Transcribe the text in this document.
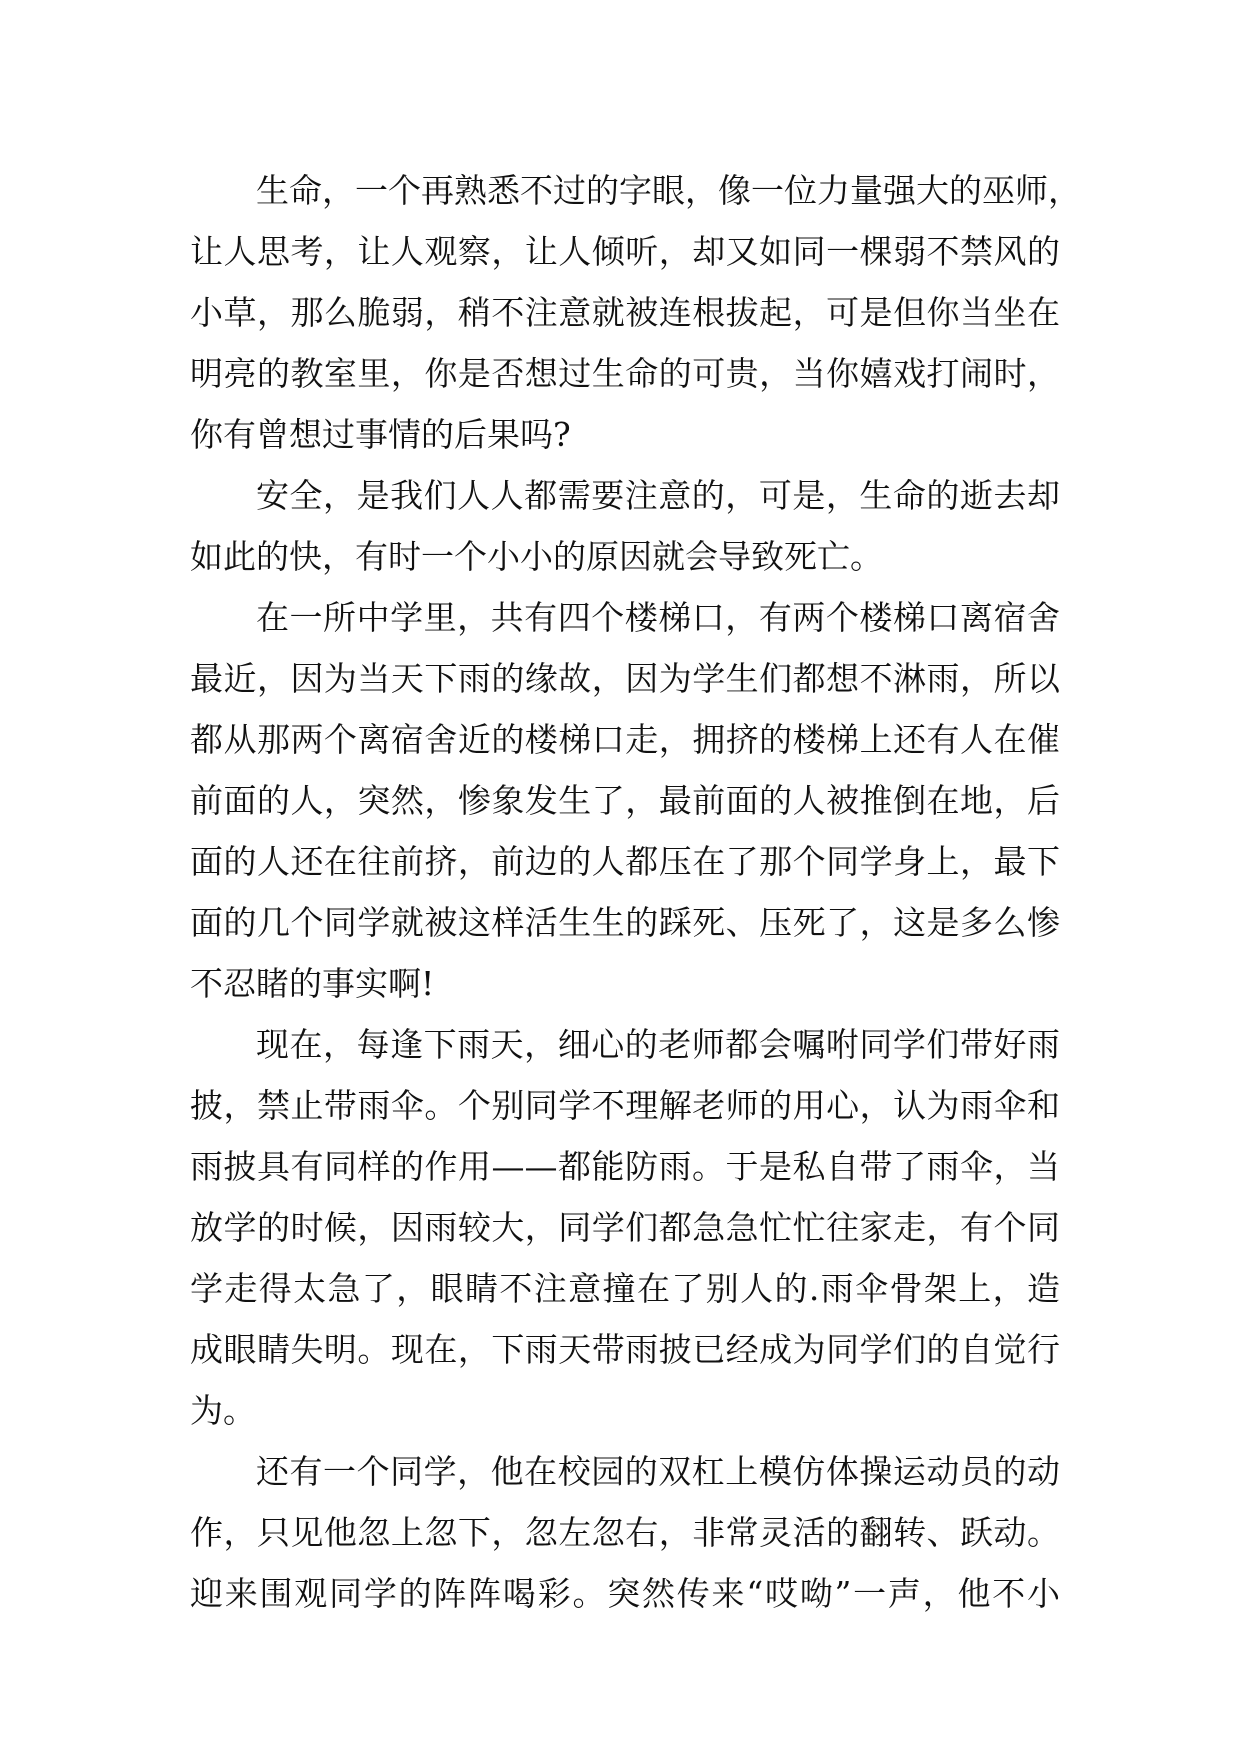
生命，一个再熟悉不过的字眼，像一位力量强大的巫师，
让人思考，让人观察，让人倾听，却又如同一棵弱不禁风的
小草，那么脆弱，稍不注意就被连根拔起，可是但你当坐在
明亮的教室里，你是否想过生命的可贵，当你嬉戏打闹时，
你有曾想过事情的后果吗?
安全，是我们人人都需要注意的，可是，生命的逝去却
如此的快，有时一个小小的原因就会导致死亡。
在一所中学里，共有四个楼梯口，有两个楼梯口离宿舍
最近，因为当天下雨的缘故，因为学生们都想不淋雨，所以
都从那两个离宿舍近的楼梯口走，拥挤的楼梯上还有人在催
前面的人，突然，惨象发生了，最前面的人被推倒在地，后
面的人还在往前挤，前边的人都压在了那个同学身上，最下
面的几个同学就被这样活生生的踩死、压死了，这是多么惨
不忍睹的事实啊!
现在，每逢下雨天，细心的老师都会嘱咐同学们带好雨
披，禁止带雨伞。个别同学不理解老师的用心，认为雨伞和
雨披具有同样的作用——都能防雨。于是私自带了雨伞，当
放学的时候，因雨较大，同学们都急急忙忙往家走，有个同
学走得太急了，眼睛不注意撞在了别人的.雨伞骨架上，造
成眼睛失明。现在，下雨天带雨披已经成为同学们的自觉行
为。
还有一个同学，他在校园的双杠上模仿体操运动员的动
作，只见他忽上忽下，忽左忽右，非常灵活的翻转、跃动。
迎来围观同学的阵阵喝彩。突然传来“哎呦”一声，他不小
